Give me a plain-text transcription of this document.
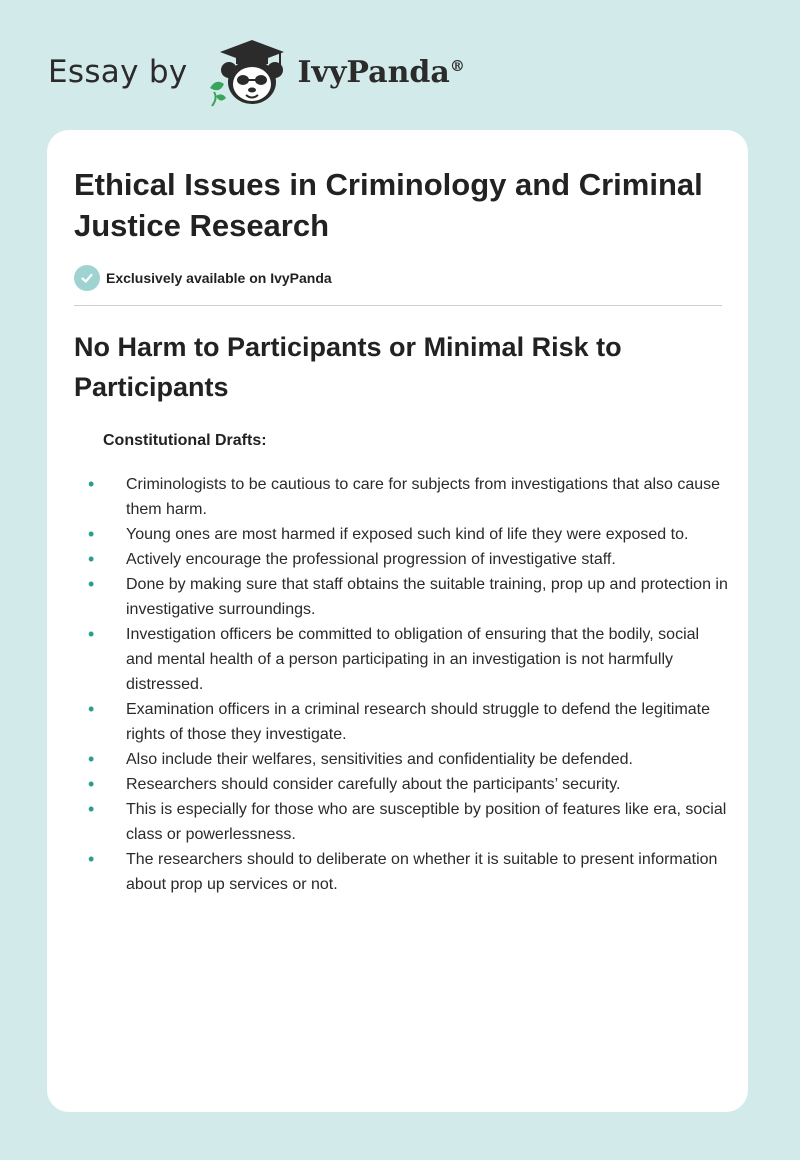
Essay by	IvyPanda®
Ethical Issues in Criminology and Criminal Justice Research
Exclusively available on IvyPanda
No Harm to Participants or Minimal Risk to Participants
Constitutional Drafts:
• Criminologists to be cautious to care for subjects from investigations that also cause them harm.
• Young ones are most harmed if exposed such kind of life they were exposed to.
• Actively encourage the professional progression of investigative staff.
• Done by making sure that staff obtains the suitable training, prop up and protection in investigative surroundings.
• Investigation officers be committed to obligation of ensuring that the bodily, social and mental health of a person participating in an investigation is not harmfully distressed.
• Examination officers in a criminal research should struggle to defend the legitimate rights of those they investigate.
• Also include their welfares, sensitivities and confidentiality be defended.
• Researchers should consider carefully about the participants’ security.
• This is especially for those who are susceptible by position of features like era, social class or powerlessness.
• The researchers should to deliberate on whether it is suitable to present information about prop up services or not.
